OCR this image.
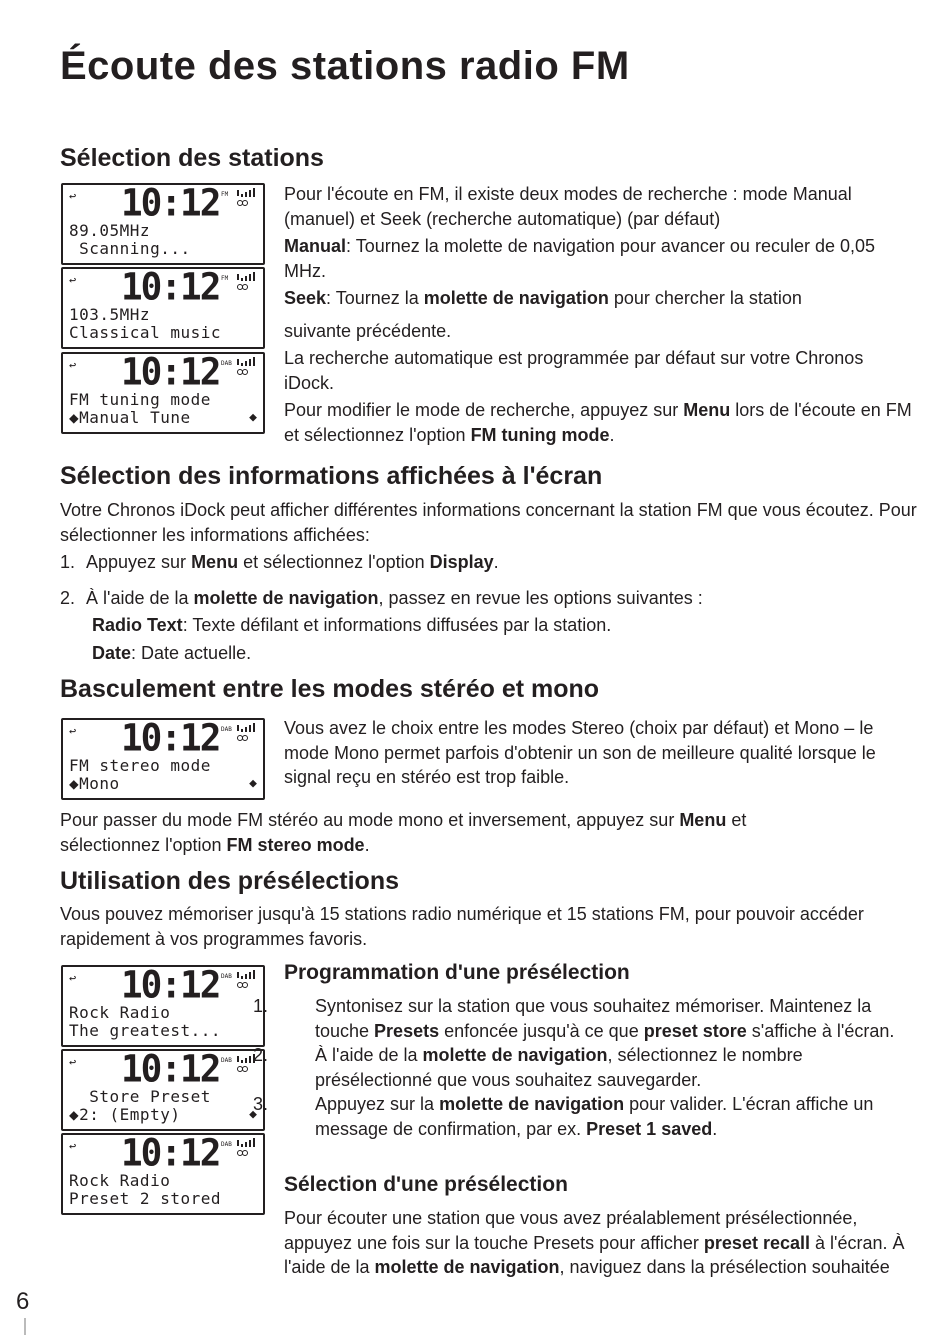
Écoute des stations radio FM
Sélection des stations
↩ 10:12 FM
89.05MHz
Scanning...
↩ 10:12 FM
103.5MHz
Classical music
↩ 10:12 DAB
FM tuning mode
◆Manual Tune	◆

Pour l'écoute en FM, il existe deux modes de recherche : mode Manual (manuel) et Seek (recherche automatique) (par défaut)

Manual: Tournez la molette de navigation pour avancer ou reculer de 0,05 MHz.

Seek: Tournez la molette de navigation pour chercher la station

suivante précédente.

La recherche automatique est programmée par défaut sur votre Chronos iDock.

Pour modifier le mode de recherche, appuyez sur Menu lors de l'écoute en FM et sélectionnez l'option FM tuning mode.

Sélection des informations affichées à l'écran

Votre Chronos iDock peut afficher différentes informations concernant la station FM que vous écoutez. Pour sélectionner les informations affichées:

1. Appuyez sur Menu et sélectionnez l'option Display.

2. À l'aide de la molette de navigation, passez en revue les options suivantes :

Radio Text: Texte défilant et informations diffusées par la station.

Date: Date actuelle.

Basculement entre les modes stéréo et mono
↩ 10:12 DAB
FM stereo mode
◆Mono	◆

Vous avez le choix entre les modes Stereo (choix par défaut) et Mono – le mode Mono permet parfois d'obtenir un son de meilleure qualité lorsque le signal reçu en stéréo est trop faible.

Pour passer du mode FM stéréo au mode mono et inversement, appuyez sur Menu et sélectionnez l'option FM stereo mode.

Utilisation des présélections

Vous pouvez mémoriser jusqu'à 15 stations radio numérique et 15 stations FM, pour pouvoir accéder rapidement à vos programmes favoris.

↩ 10:12 DAB
Rock Radio
The greatest...
↩ 10:12 DAB
Store Preset
◆2: (Empty)	◆
↩ 10:12 DAB
Rock Radio
Preset 2 stored
Programmation d'une présélection

1.	Syntonisez sur la station que vous souhaitez mémoriser. Maintenez la touche Presets enfoncée jusqu'à ce que preset store s'affiche à l'écran.

2.	À l'aide de la molette de navigation, sélectionnez le nombre présélectionné que vous souhaitez sauvegarder.

3.	Appuyez sur la molette de navigation pour valider. L'écran affiche un message de confirmation, par ex. Preset 1 saved.

Sélection d'une présélection

Pour écouter une station que vous avez préalablement présélectionnée, appuyez une fois sur la touche Presets pour afficher preset recall à l'écran. À l'aide de la molette de navigation, naviguez dans la présélection souhaitée

6
